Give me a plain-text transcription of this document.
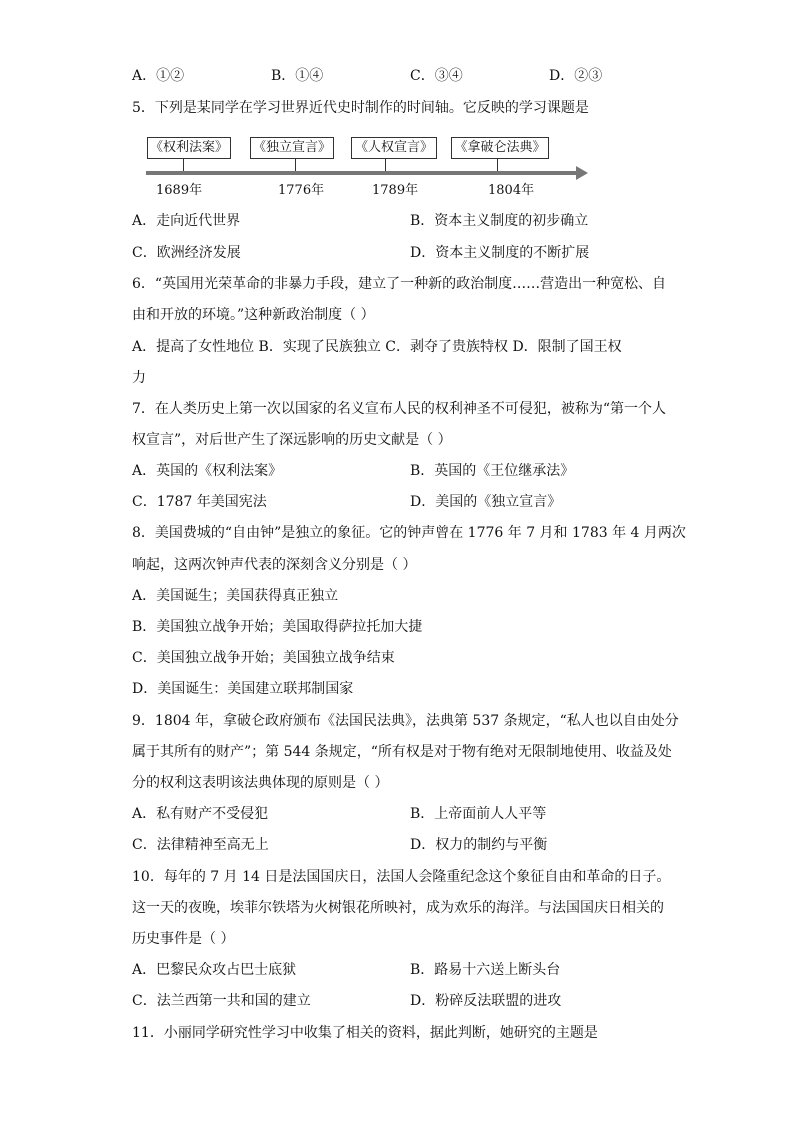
A．①②	B．①④	C．③④	D．②③
5．下列是某同学在学习世界近代史时制作的时间轴。它反映的学习课题是
《权利法案》 《独立宣言》	《人权宣言》	《拿破仑法典》
1689年	1776年	1789年	1804年
A．走向近代世界	B．资本主义制度的初步确立
C．欧洲经济发展	D．资本主义制度的不断扩展
6．“英国用光荣革命的非暴力手段，建立了一种新的政治制度……营造出一种宽松、自
由和开放的环境。”这种新政治制度（ ）
A．提高了女性地位 B．实现了民族独立 C．剥夺了贵族特权 D．限制了国王权
力
7．在人类历史上第一次以国家的名义宣布人民的权利神圣不可侵犯，被称为“第一个人
权宣言”，对后世产生了深远影响的历史文献是（ ）
A．英国的《权利法案》	B．英国的《王位继承法》
C．1787 年美国宪法	D．美国的《独立宣言》
8．美国费城的“自由钟”是独立的象征。它的钟声曾在 1776 年 7 月和 1783 年 4 月两次
响起，这两次钟声代表的深刻含义分别是（ ）
A．美国诞生；美国获得真正独立
B．美国独立战争开始；美国取得萨拉托加大捷
C．美国独立战争开始；美国独立战争结束
D．美国诞生：美国建立联邦制国家
9．1804 年，拿破仑政府颁布《法国民法典》，法典第 537 条规定，“私人也以自由处分
属于其所有的财产”；第 544 条规定，“所有权是对于物有绝对无限制地使用、收益及处
分的权利这表明该法典体现的原则是（ ）
A．私有财产不受侵犯	B．上帝面前人人平等
C．法律精神至高无上	D．权力的制约与平衡
10．每年的 7 月 14 日是法国国庆日，法国人会隆重纪念这个象征自由和革命的日子。
这一天的夜晚，埃菲尔铁塔为火树银花所映衬，成为欢乐的海洋。与法国国庆日相关的
历史事件是（ ）
A．巴黎民众攻占巴士底狱	B．路易十六送上断头台
C．法兰西第一共和国的建立	D．粉碎反法联盟的进攻
11．小丽同学研究性学习中收集了相关的资料，据此判断，她研究的主题是
